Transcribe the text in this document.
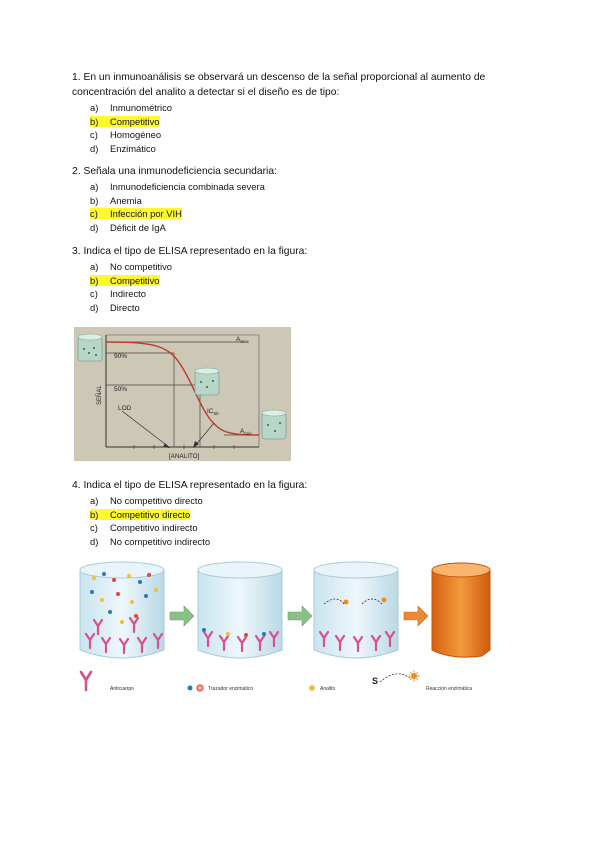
1. En un inmunoanálisis se observará un descenso de la señal proporcional al aumento de concentración del analito a detectar si el diseño es de tipo:
a) Inmunométrico
b) Competitivo
c) Homogéneo
d) Enzimático
2. Señala una inmunodeficiencia secundaria:
a) Inmunodeficiencia combinada severa
b) Anemia
c) Infección por VIH
d) Déficit de IgA
3. Indica el tipo de ELISA representado en la figura:
a) No competitivo
b) Competitivo
c) Indirecto
d) Directo
90%
50%
LOD	$IC_{50}$
$A_{max}$
$A_{min}$
[ANALITO]
SEÑAL
4. Indica el tipo de ELISA representado en la figura:
a) No competitivo directo
b) Competitivo directo
c) Competitivo indirecto
d) No competitivo indirecto
Anticuerpo	Trazador enzimático	Analito
S
Reacción enzimática
